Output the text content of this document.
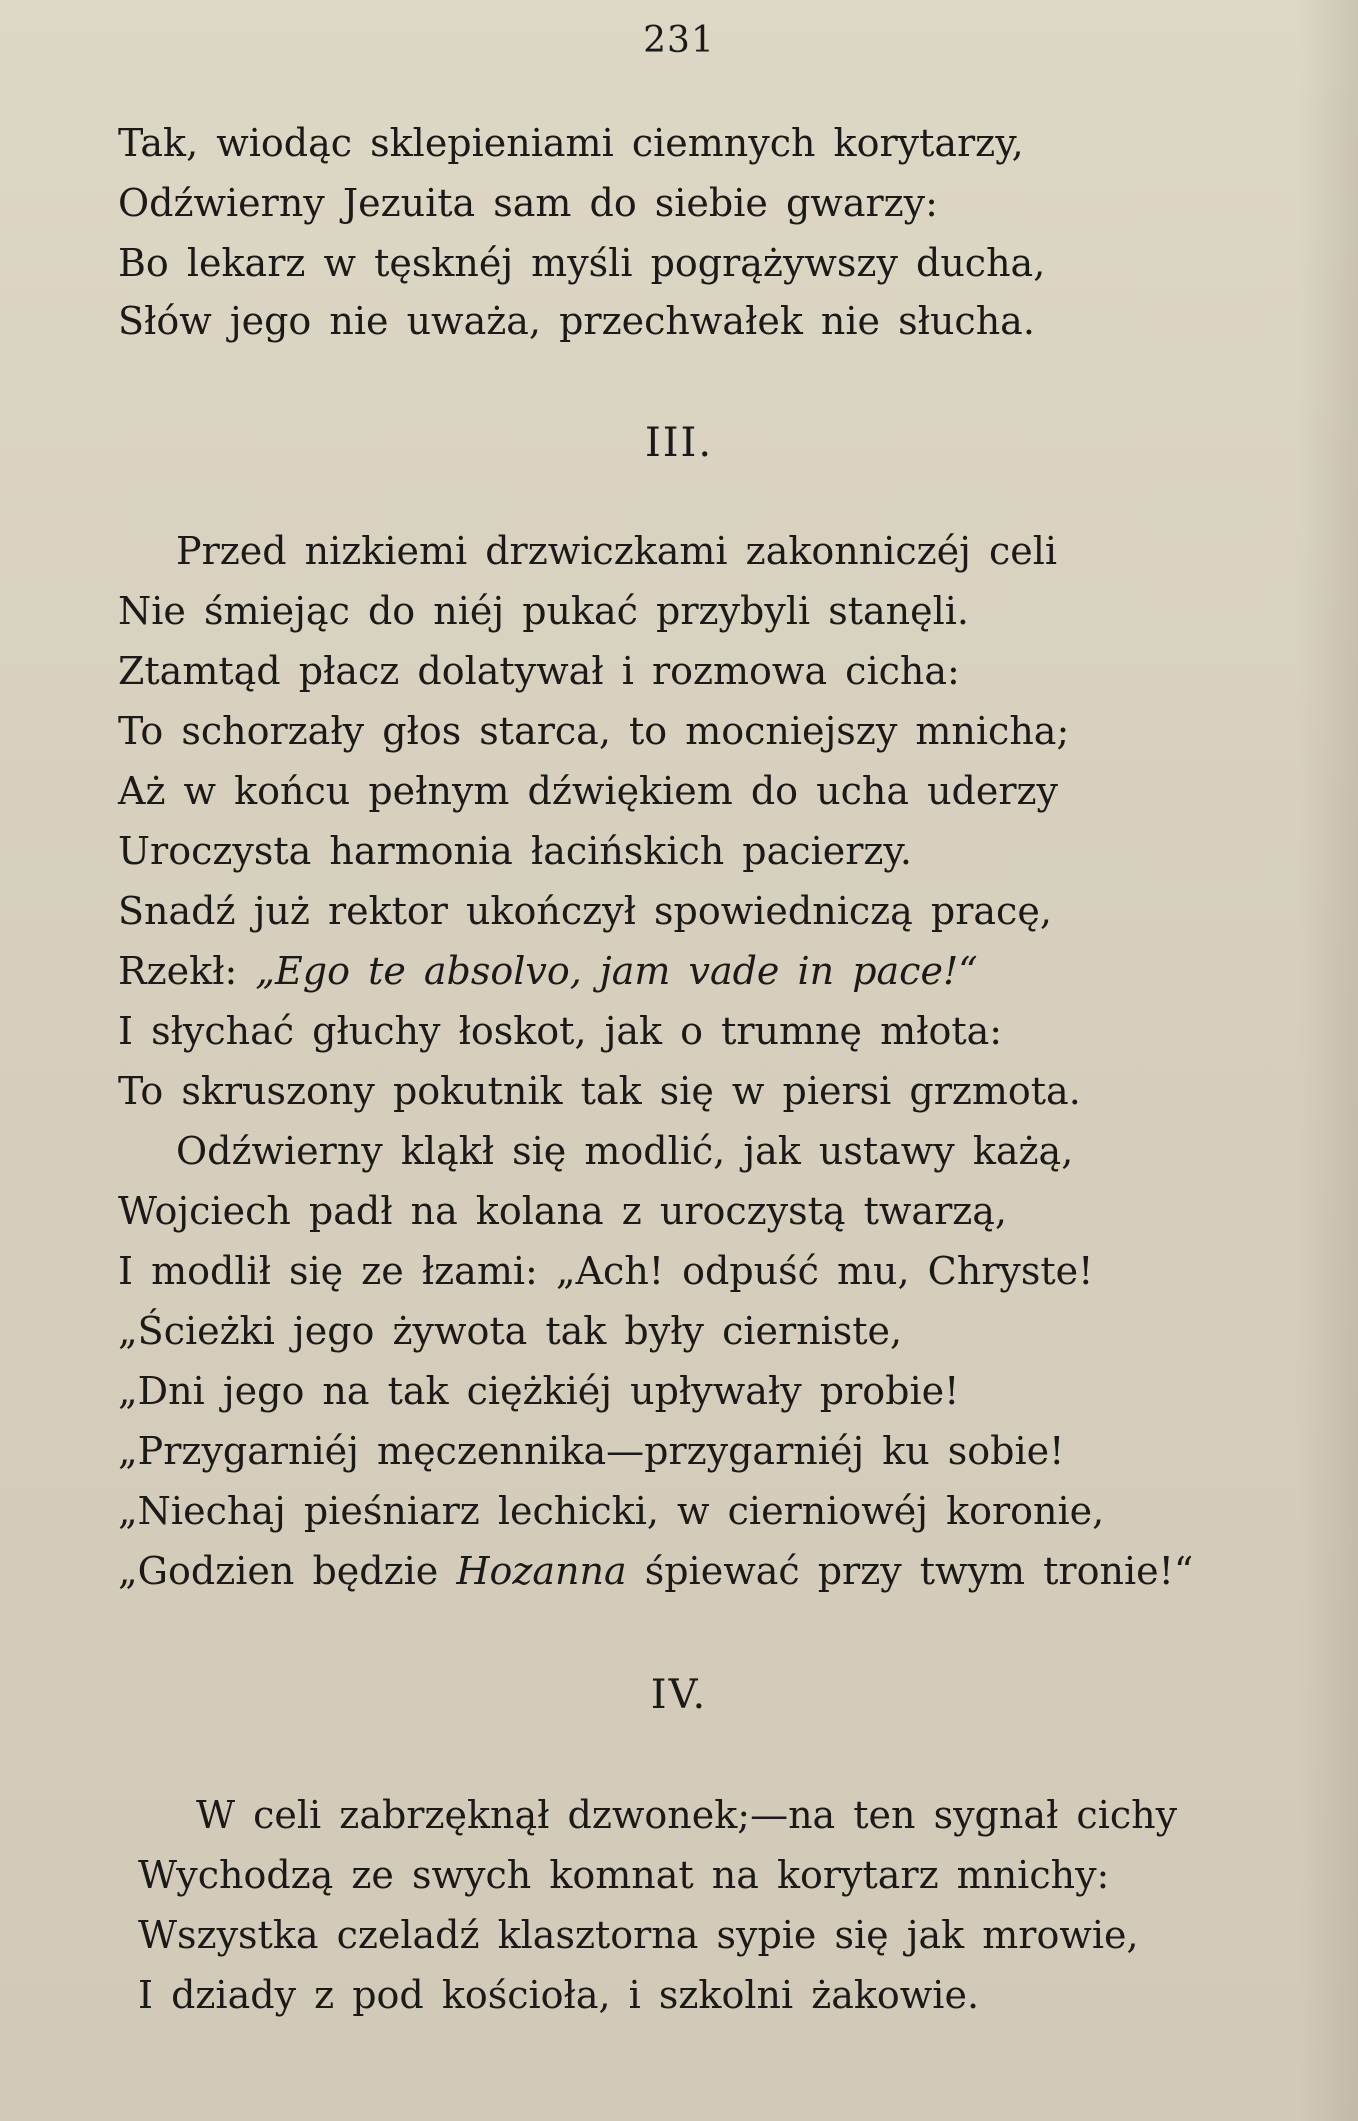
231
Tak, wiodąc sklepieniami ciemnych korytarzy,
Odźwierny Jezuita sam do siebie gwarzy:
Bo lekarz w tęsknéj myśli pogrążywszy ducha,
Słów jego nie uważa, przechwałek nie słucha.
III.
Przed nizkiemi drzwiczkami zakonniczéj celi
Nie śmiejąc do niéj pukać przybyli stanęli.
Ztamtąd płacz dolatywał i rozmowa cicha:
To schorzały głos starca, to mocniejszy mnicha;
Aż w końcu pełnym dźwiękiem do ucha uderzy
Uroczysta harmonia łacińskich pacierzy.
Snadź już rektor ukończył spowiedniczą pracę,
Rzekł: „Ego te absolvo, jam vade in pace!“
I słychać głuchy łoskot, jak o trumnę młota:
To skruszony pokutnik tak się w piersi grzmota.
Odźwierny kląkł się modlić, jak ustawy każą,
Wojciech padł na kolana z uroczystą twarzą,
I modlił się ze łzami: „Ach! odpuść mu, Chryste!
„Ścieżki jego żywota tak były cierniste,
„Dni jego na tak ciężkiéj upływały probie!
„Przygarniéj męczennika—przygarniéj ku sobie!
„Niechaj pieśniarz lechicki, w cierniowéj koronie,
„Godzien będzie Hozanna śpiewać przy twym tronie!“
IV.
W celi zabrzęknął dzwonek;—na ten sygnał cichy
Wychodzą ze swych komnat na korytarz mnichy:
Wszystka czeladź klasztorna sypie się jak mrowie,
I dziady z pod kościoła, i szkolni żakowie.
